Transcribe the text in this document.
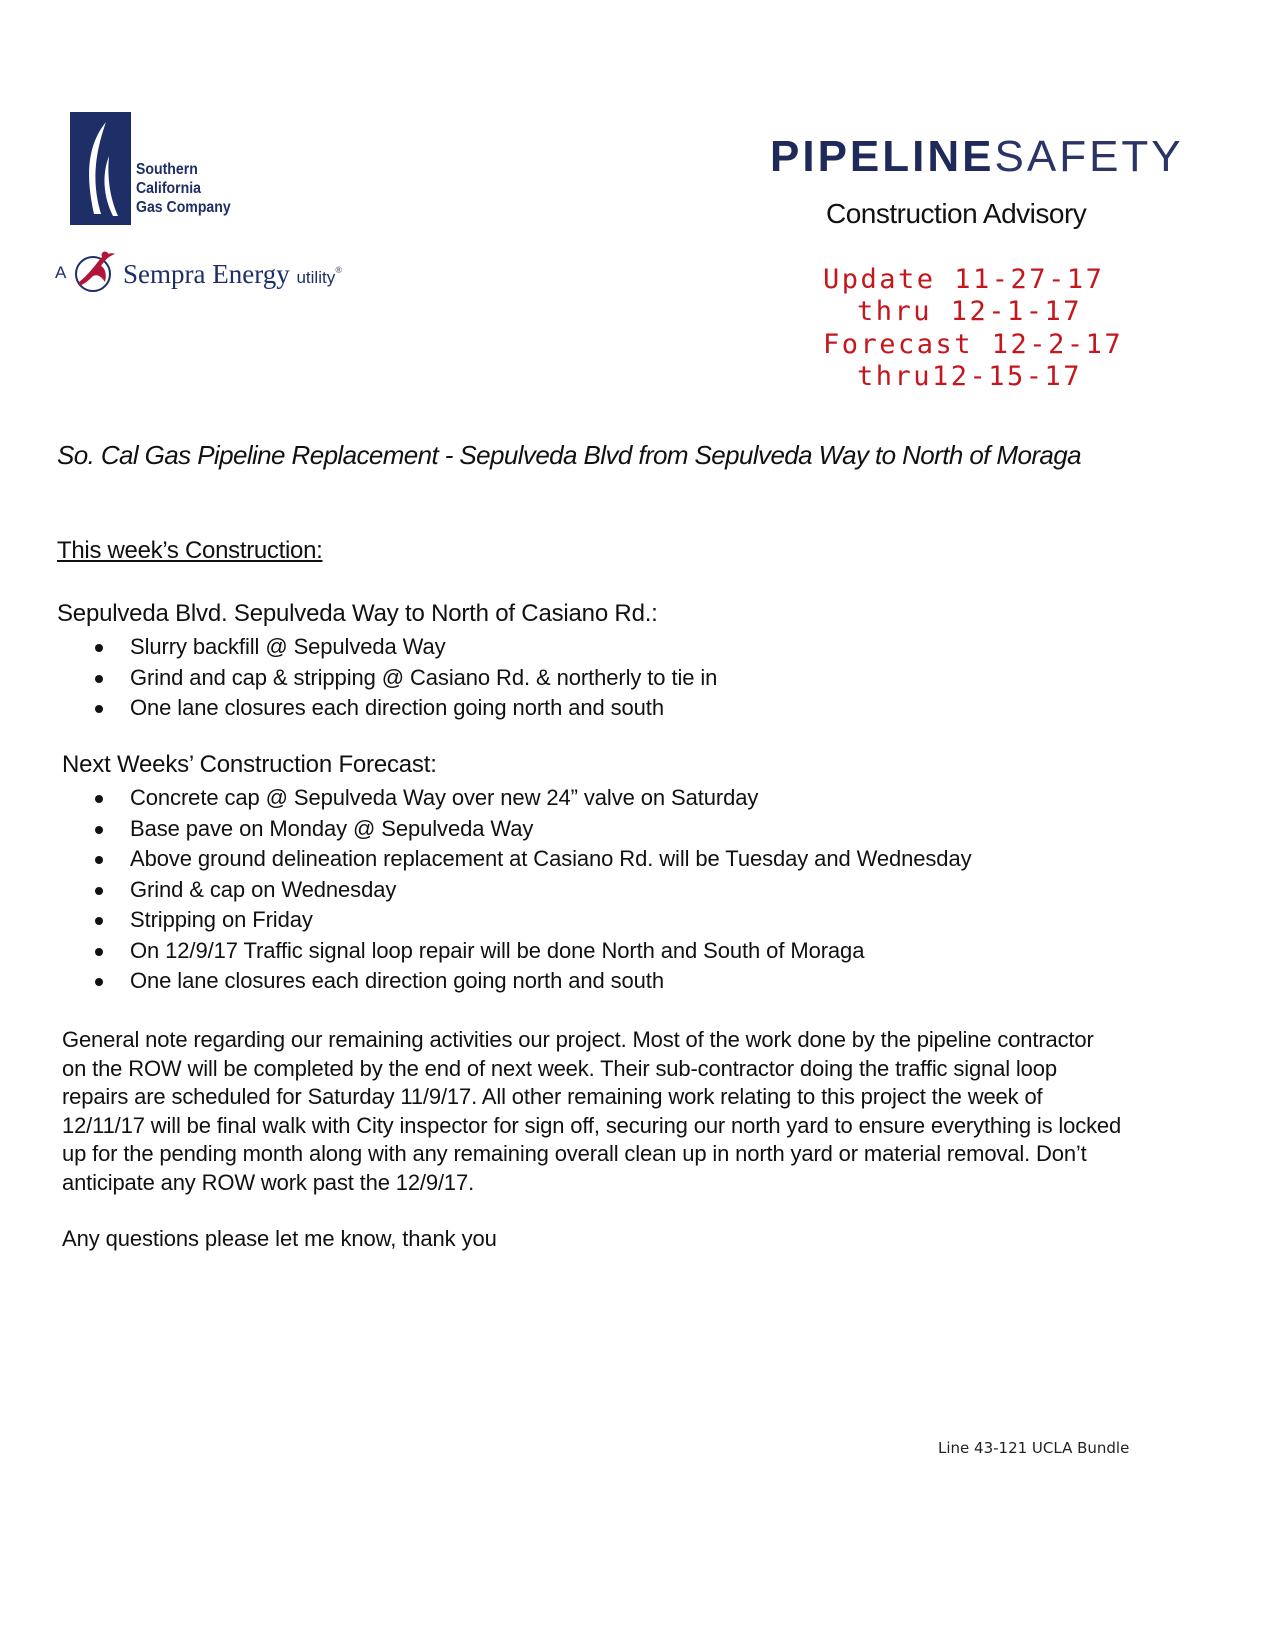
Southern
California
Gas Company
A Sempra Energy utility®
PIPELINESAFETY
Construction Advisory
Update 11-27-17
thru 12-1-17
Forecast 12-2-17
thru12-15-17
So. Cal Gas Pipeline Replacement - Sepulveda Blvd from Sepulveda Way to North of Moraga
This week’s Construction:
Sepulveda Blvd. Sepulveda Way to North of Casiano Rd.:
Slurry backfill @ Sepulveda Way
Grind and cap & stripping @ Casiano Rd. & northerly to tie in
One lane closures each direction going north and south
Next Weeks’ Construction Forecast:
Concrete cap @ Sepulveda Way over new 24” valve on Saturday
Base pave on Monday @ Sepulveda Way
Above ground delineation replacement at Casiano Rd. will be Tuesday and Wednesday
Grind & cap on Wednesday
Stripping on Friday
On 12/9/17 Traffic signal loop repair will be done North and South of Moraga
One lane closures each direction going north and south

General note regarding our remaining activities our project. Most of the work done by the pipeline contractor on the ROW will be completed by the end of next week. Their sub-contractor doing the traffic signal loop repairs are scheduled for Saturday 11/9/17. All other remaining work relating to this project the week of 12/11/17 will be final walk with City inspector for sign off, securing our north yard to ensure everything is locked up for the pending month along with any remaining overall clean up in north yard or material removal. Don’t anticipate any ROW work past the 12/9/17.

Any questions please let me know, thank you
Line 43-121 UCLA Bundle
